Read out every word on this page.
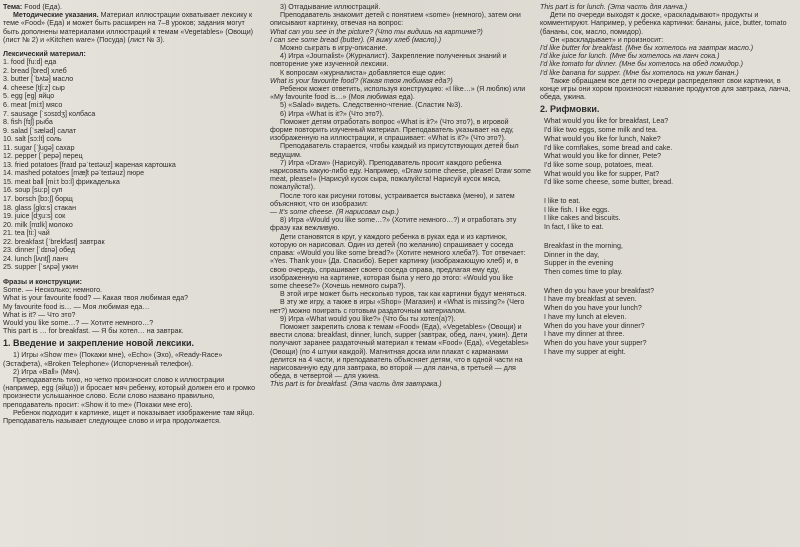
Тема: Food (Еда).

Методические указания. Материал иллюстрации охватывает лексику к теме «Food» (Еда) и может быть расширен на 7–8 уроков; задания могут быть дополнены материалами иллюстраций к темам «Vegetables» (Овощи) (лист № 2) и «Kitchen ware» (Посуда) (лист № 3).

Лексический материал:

1. food [fu:d] еда
2. bread [bred] хлеб
3. butter [ˈbʌtə] масло
4. cheese [tʃi:z] сыр
5. egg [eg] яйцо
6. meat [mi:t] мясо
7. sausage [ˈsɔsɪdʒ] колбаса
8. fish [fɪʃ] рыба
9. salad [ˈsæləd] салат
10. salt [sɔ:lt] соль
11. sugar [ˈʃugə] сахар
12. pepper [ˈpepə] перец
13. fried potatoes [fraɪd pəˈteɪtəuz] жареная картошка
14. mashed potatoes [mæʃt pəˈteɪtəuz] пюре
15. meat ball [mi:t bɔ:l] фрикаделька
16. soup [su:p] суп
17. borsch [bɔ:ʃ] борщ
18. glass [glɑ:s] стакан
19. juice [dʒu:s] сок
20. milk [mɪlk] молоко
21. tea [ti:] чай
22. breakfast [ˈbrekfəst] завтрак
23. dinner [ˈdɪnə] обед
24. lunch [lʌntʃ] ланч
25. supper [ˈsʌpə] ужин

Фразы и конструкции:

Some. — Несколько; немного.

What is your favourite food? — Какая твоя любимая еда?

My favourite food is… — Моя любимая еда…

What is it? — Что это?

Would you like some…? — Хотите немного…?

This part is … for breakfast. — Я бы хотел… на завтрак.

1. Введение и закрепление новой лексики.

1) Игры «Show me» (Покажи мне), «Echo» (Эхо), «Ready-Race» (Эстафета), «Broken Telephone» (Испорченный телефон).

2) Игра «Ball» (Мяч).

Преподаватель тихо, но четко произносит слово к иллюстрации (например, egg (яйцо)) и бросает мяч ребенку, который должен его и громко произнести услышанное слово. Если слово названо правильно, преподаватель просит: «Show it to me» (Покажи мне его).

Ребенок подходит к картинке, ищет и показывает изображение там яйцо. Преподаватель называет следующее слово и игра продолжается.

3) Отгадывание иллюстраций.

Преподаватель знакомит детей с понятием «some» (немного), затем они описывают картинку, отвечая на вопрос:

What can you see in the picture? (Что ты видишь на картинке?)

I can see some bread (butter). (Я вижу хлеб (масло).)

Можно сыграть в игру-описание.

4) Игра «Journalist» (Журналист). Закрепление полученных знаний и повторение уже изученной лексики.

К вопросам «журналиста» добавляется еще один:

What is your favourite food? (Какая твоя любимая еда?)

Ребенок может ответить, используя конструкцию: «I like…» (Я люблю) или «My favourite food is…» (Моя любимая еда).

5) «Salad» видеть. Следственно-чтение. (Сластик №3).

6) Игра «What is it?» (Что это?).

Поможет детям отработать вопрос «What is it?» (Что это?), в игровой форме повторить изученный материал. Преподаватель указывает на еду, изображенную на иллюстрации, и спрашивает: «What is it?» (Что это?).

Преподаватель старается, чтобы каждый из присутствующих детей был ведущим.

7) Игра «Draw» (Нарисуй). Преподаватель просит каждого ребенка нарисовать какую-либо еду. Например, «Draw some cheese, please! Draw some meat, please!» (Нарисуй кусок сыра, пожалуйста! Нарисуй кусок мяса, пожалуйста!).

После того как рисунки готовы, устраивается выставка (меню), и затем объясняют, что он изобразил:

— It's some cheese. (Я нарисовал сыр.)

8) Игра «Would you like some…?» (Хотите немного…?) и отработать эту фразу как вежливую.

Дети становятся в круг, у каждого ребенка в руках еда и из картинок, которую он нарисовал. Один из детей (по желанию) спрашивает у соседа справа: «Would you like some bread?» (Хотите немного хлеба?). Тот отвечает: «Yes. Thank you» (Да. Спасибо). Берет картинку (изображающую хлеб) и, в свою очередь, спрашивает своего соседа справа, предлагая ему еду, изображенную на картинке, которая была у него до этого: «Would you like some cheese?» (Хочешь немного сыра?).

В этой игре может быть несколько туров, так как картинки будут меняться.

В эту же игру, а также в игры «Shop» (Магазин) и «What is missing?» (Чего нет?) можно поиграть с готовым раздаточным материалом.

9) Игра «What would you like?» (Что бы ты хотел(а)?).

Поможет закрепить слова к темам «Food» (Еда), «Vegetables» (Овощи) и ввести слова: breakfast, dinner, lunch, supper (завтрак, обед, ланч, ужин). Дети получают заранее раздаточный материал к темам «Food» (Еда), «Vegetables» (Овощи) (по 4 штуки каждой). Магнитная доска или плакат с карманами делится на 4 части, и преподаватель объясняет детям, что в одной части на нарисованную еду для завтрака, во второй — для ланча, в третьей — для обеда, в четвертой — для ужина.

This part is for breakfast. (Эта часть для завтрака.)

This part is for lunch. (Эта часть для ланча.)

Дети по очереди выходят к доске, «раскладывают» продукты и комментируют. Например, у ребенка картинки: бананы, juice, butter, tomato (бананы, сок, масло, помидор).

Он «раскладывает» и произносит:

I'd like butter for breakfast. (Мне бы хотелось на завтрак масло.)

I'd like juice for lunch. (Мне бы хотелось на ланч сока.)

I'd like tomato for dinner. (Мне бы хотелось на обед помидор.)

I'd like banana for supper. (Мне бы хотелось на ужин банан.)

Также обращаем все дети по очереди распределяют свои картинки, в конце игры они хором произносят название продуктов для завтрака, ланча, обеда, ужина.

2. Рифмовки.

What would you like for breakfast, Lea?

I'd like two eggs, some milk and tea.

What would you like for lunch, Nake?

I'd like cornflakes, some bread and cake.

What would you like for dinner, Pete?

I'd like some soup, potatoes, meat.

What would you like for supper, Pat?

I'd like some cheese, some butter, bread.

I like to eat.

I like fish. I like eggs.

I like cakes and biscuits.

In fact, I like to eat.

Breakfast in the morning,

Dinner in the day,

Supper in the evening

Then comes time to play.

When do you have your breakfast?

I have my breakfast at seven.

When do you have your lunch?

I have my lunch at eleven.

When do you have your dinner?

I have my dinner at three.

When do you have your supper?

I have my supper at eight.
